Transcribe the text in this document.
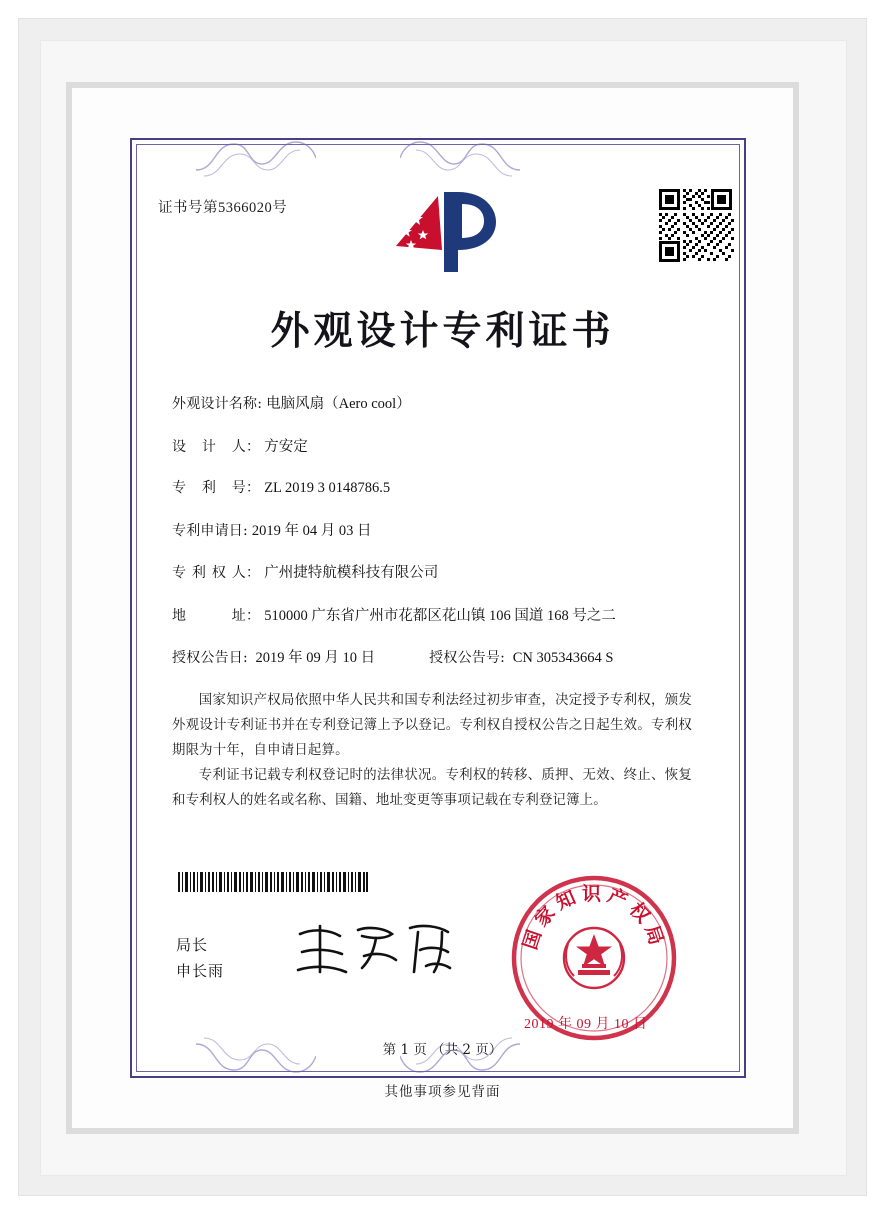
证书号第5366020号
外观设计专利证书
外观设计名称: 电脑风扇（Aero cool）
设计人 ： 方安定
专利号 ： ZL 2019 3 0148786.5
专利申请日: 2019 年 04 月 03 日
专利权人 ： 广州捷特航模科技有限公司
地址 ： 510000 广东省广州市花都区花山镇 106 国道 168 号之二
授权公告日: 2019 年 09 月 10 日	授权公告号: CN 305343664 S
国家知识产权局依照中华人民共和国专利法经过初步审查，决定授予专利权，颁发外观设计专利证书并在专利登记簿上予以登记。专利权自授权公告之日起生效。专利权期限为十年，自申请日起算。
专利证书记载专利权登记时的法律状况。专利权的转移、质押、无效、终止、恢复和专利权人的姓名或名称、国籍、地址变更等事项记载在专利登记簿上。
局长
申长雨
国家知识产权局
2019 年 09 月 10 日
第 1 页 （共 2 页）
其他事项参见背面
